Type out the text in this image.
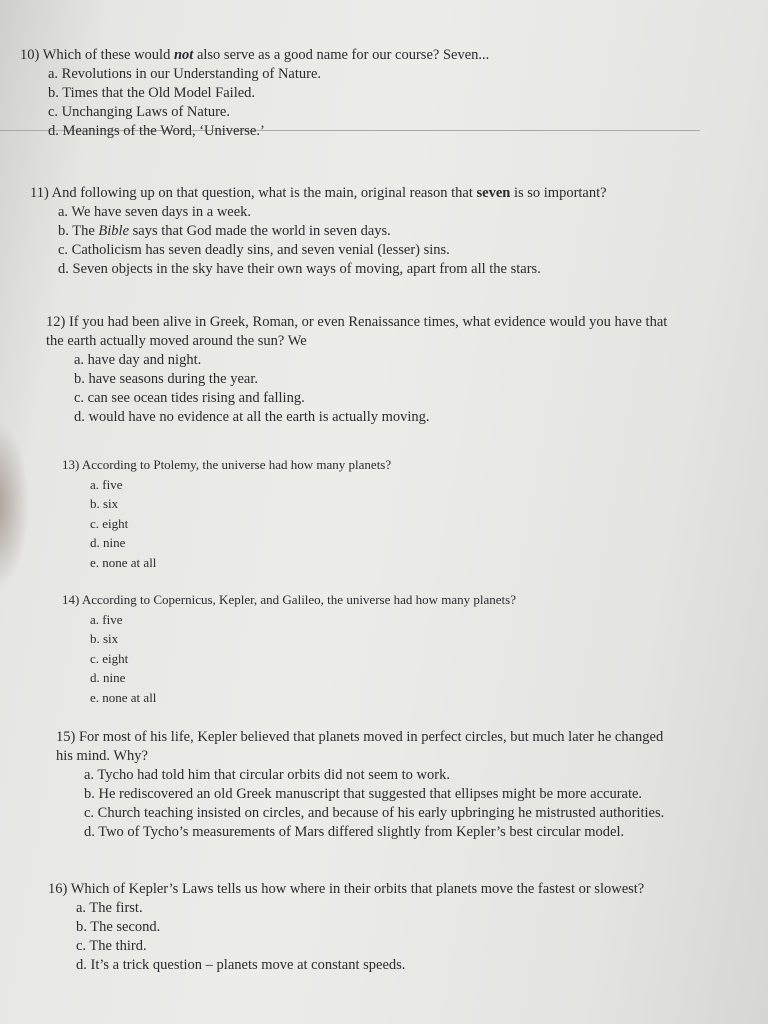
10) Which of these would not also serve as a good name for our course? Seven...

a. Revolutions in our Understanding of Nature.

b. Times that the Old Model Failed.

c. Unchanging Laws of Nature.

d. Meanings of the Word, ‘Universe.’

11) And following up on that question, what is the main, original reason that seven is so important?

a. We have seven days in a week.

b. The Bible says that God made the world in seven days.

c. Catholicism has seven deadly sins, and seven venial (lesser) sins.

d. Seven objects in the sky have their own ways of moving, apart from all the stars.

12) If you had been alive in Greek, Roman, or even Renaissance times, what evidence would you have that
the earth actually moved around the sun? We

a. have day and night.

b. have seasons during the year.

c. can see ocean tides rising and falling.

d. would have no evidence at all the earth is actually moving.

13) According to Ptolemy, the universe had how many planets?

a. five

b. six

c. eight

d. nine

e. none at all

14) According to Copernicus, Kepler, and Galileo, the universe had how many planets?

a. five

b. six

c. eight

d. nine

e. none at all

15) For most of his life, Kepler believed that planets moved in perfect circles, but much later he changed
his mind. Why?

a. Tycho had told him that circular orbits did not seem to work.

b. He rediscovered an old Greek manuscript that suggested that ellipses might be more accurate.

c. Church teaching insisted on circles, and because of his early upbringing he mistrusted authorities.

d. Two of Tycho’s measurements of Mars differed slightly from Kepler’s best circular model.

16) Which of Kepler’s Laws tells us how where in their orbits that planets move the fastest or slowest?

a. The first.

b. The second.

c. The third.

d. It’s a trick question – planets move at constant speeds.
